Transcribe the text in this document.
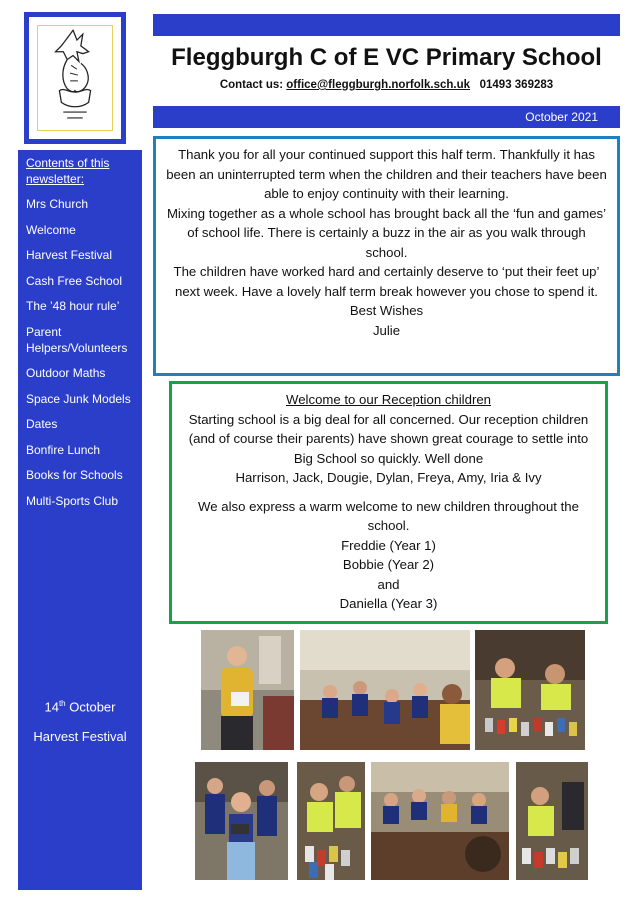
Fleggburgh C of E VC Primary School
Contact us: office@fleggburgh.norfolk.sch.uk 01493 369283
October 2021
Contents of this newsletter:
Mrs Church
Welcome
Harvest Festival
Cash Free School
The ’48 hour rule’
Parent Helpers/Volunteers
Outdoor Maths
Space Junk Models
Dates
Bonfire Lunch
Books for Schools
Multi-Sports Club
14th October
Harvest Festival
Thank you for all your continued support this half term. Thankfully it has been an uninterrupted term when the children and their teachers have been able to enjoy continuity with their learning.
Mixing together as a whole school has brought back all the ‘fun and games’ of school life. There is certainly a buzz in the air as you walk through school.
The children have worked hard and certainly deserve to ‘put their feet up’ next week. Have a lovely half term break however you chose to spend it.
Best Wishes
Julie
Welcome to our Reception children
Starting school is a big deal for all concerned. Our reception children (and of course their parents) have shown great courage to settle into Big School so quickly. Well done
Harrison, Jack, Dougie, Dylan, Freya, Amy, Iria & Ivy
We also express a warm welcome to new children throughout the school.
Freddie (Year 1)
Bobbie (Year 2)
and
Daniella (Year 3)
